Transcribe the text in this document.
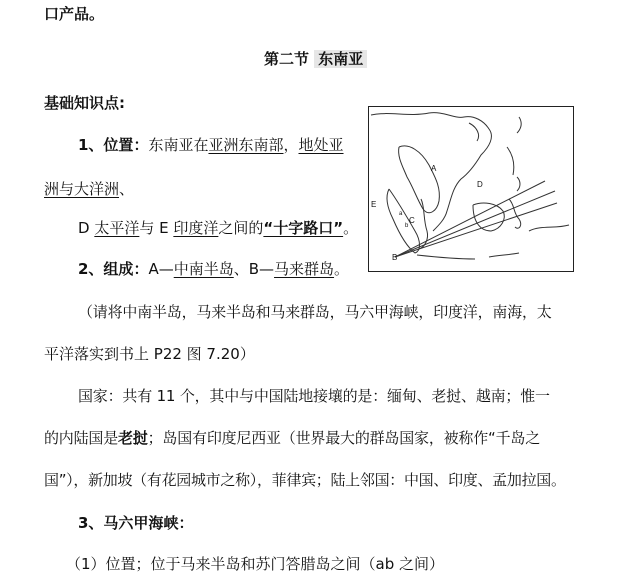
口产品。
第二节 东南亚
基础知识点:
1、位置：东南亚在亚洲东南部，地处亚
洲与大洋洲、
D 太平洋与 E 印度洋之间的“十字路口”。
2、组成：A—中南半岛、B—马来群岛。
（请将中南半岛，马来半岛和马来群岛，马六甲海峡，印度洋，南海，太
平洋落实到书上 P22 图 7.20）
国家：共有 11 个，其中与中国陆地接壤的是：缅甸、老挝、越南；惟一
的内陆国是老挝；岛国有印度尼西亚（世界最大的群岛国家，被称作“千岛之
国”），新加坡（有花园城市之称），菲律宾；陆上邻国：中国、印度、孟加拉国。
3、马六甲海峡：
（1）位置；位于马来半岛和苏门答腊岛之间（ab 之间）
A
B
C
D
E
a
b
